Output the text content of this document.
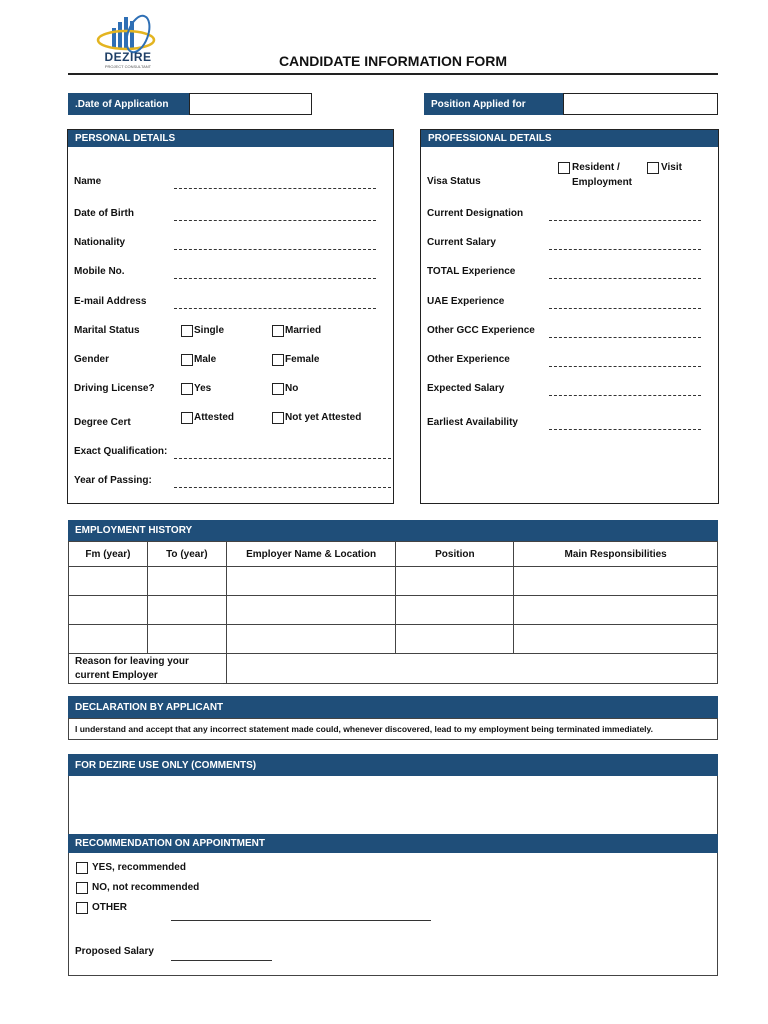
DEZIRE
PROJECT CONSULTANT	CANDIDATE INFORMATION FORM
.Date of Application	Position Applied for
PERSONAL DETAILS
Name
Date of Birth
Nationality
Mobile No.
E-mail Address
Marital Status	Single	Married
Gender	Male	Female
Driving License?	Yes	No
Degree Cert	Attested	Not yet Attested
Exact Qualification:
Year of Passing:
PROFESSIONAL DETAILS
Resident /
Employment
Visit
Visa Status
Current Designation
Current Salary
TOTAL Experience
UAE Experience
Other GCC Experience
Other Experience
Expected Salary
Earliest Availability
EMPLOYMENT HISTORY
Fm (year)	To (year)	Employer Name & Location	Position	Main Responsibilities

Reason for leaving your
current Employer				

DECLARATION BY APPLICANT
I understand and accept that any incorrect statement made could, whenever discovered, lead to my employment being terminated immediately.
FOR DEZIRE USE ONLY (COMMENTS)
RECOMMENDATION ON APPOINTMENT
YES, recommended
NO, not recommended
OTHER
Proposed Salary
